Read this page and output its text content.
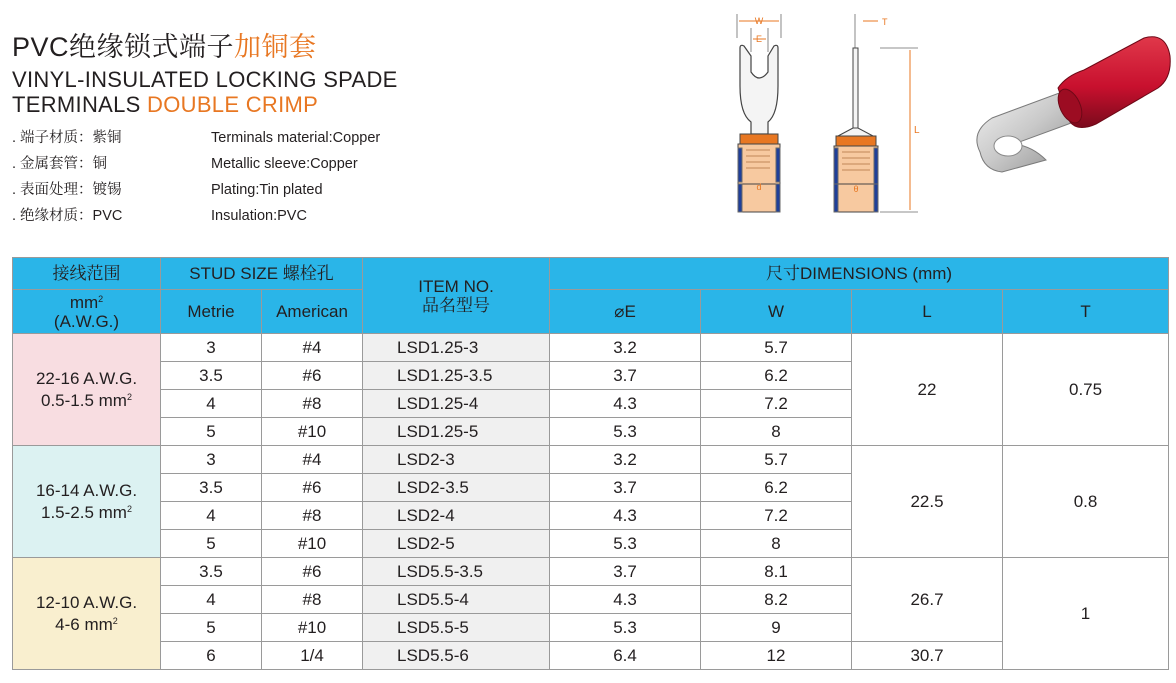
PVC绝缘锁式端子加铜套
VINYL-INSULATED LOCKING SPADE
TERMINALS DOUBLE CRIMP
. 端子材质：紫铜	Terminals material:Copper
. 金属套管：铜	Metallic sleeve:Copper
. 表面处理：镀锡	Plating:Tin plated
. 绝缘材质：PVC	Insulation:PVC
W
E
d
T
L
θ
接线范围	STUD SIZE 螺栓孔		ITEM NO.
品名型号	尺寸DIMENSIONS (mm)			
$mm^2$
(A.W.G.)	Metrie	American		⌀E	W	L	T
22-16 A.W.G.
0.5-1.5 $mm^2$	3	#4	LSD1.25-3	3.2	5.7	22	0.75
	3.5	#6	LSD1.25-3.5	3.7	6.2		
	4	#8	LSD1.25-4	4.3	7.2		
	5	#10	LSD1.25-5	5.3	8		
16-14 A.W.G.
1.5-2.5 $mm^2$	3	#4	LSD2-3	3.2	5.7	22.5	0.8
	3.5	#6	LSD2-3.5	3.7	6.2		
	4	#8	LSD2-4	4.3	7.2		
	5	#10	LSD2-5	5.3	8		
12-10 A.W.G.
4-6 $mm^2$	3.5	#6	LSD5.5-3.5	3.7	8.1	26.7	1
	4	#8	LSD5.5-4	4.3	8.2		
	5	#10	LSD5.5-5	5.3	9		
	6	1/4	LSD5.5-6	6.4	12	30.7	
